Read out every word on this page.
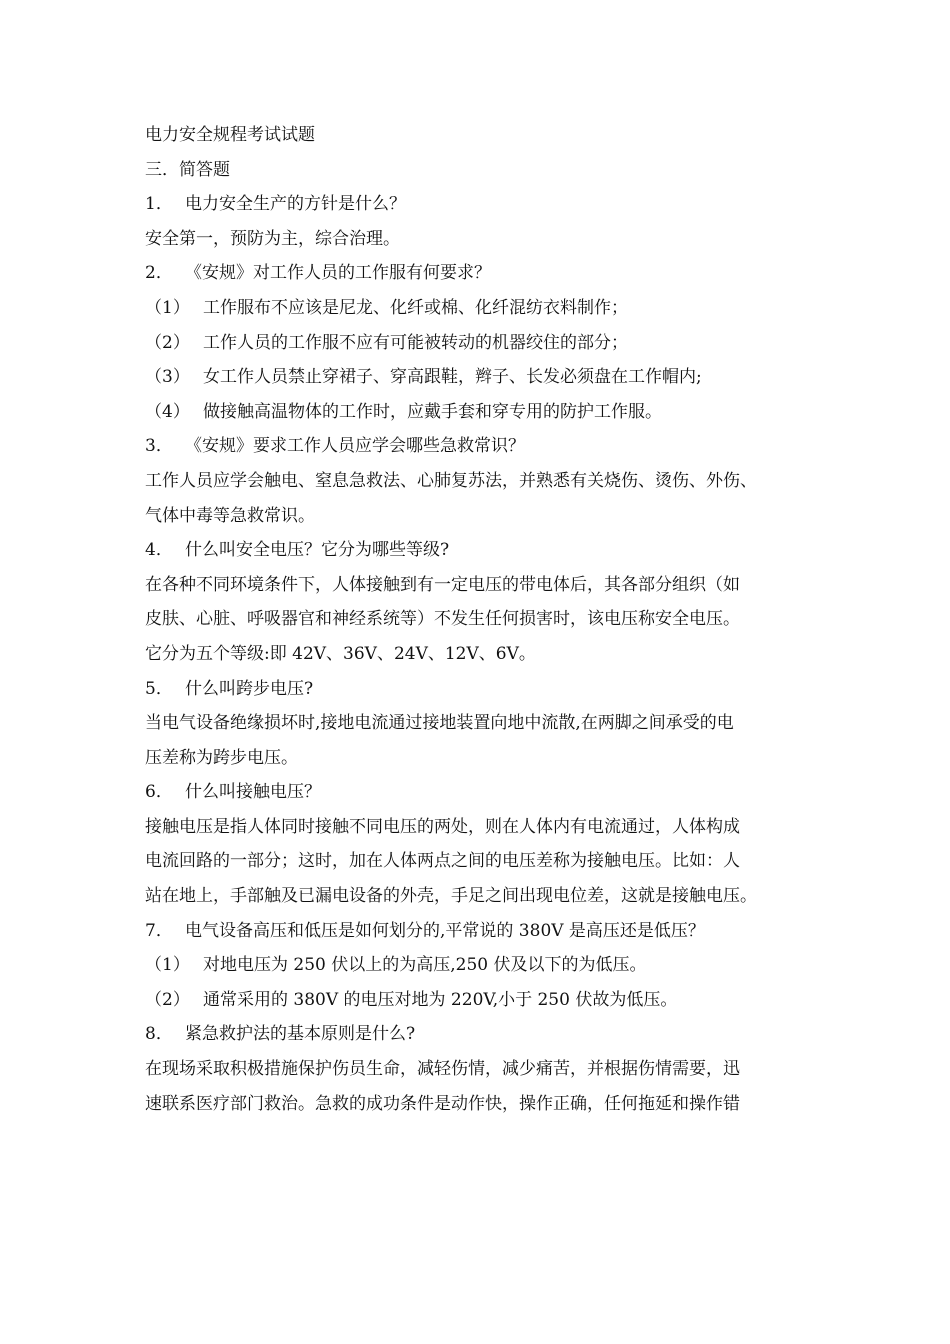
电力安全规程考试试题
三．简答题
1． 电力安全生产的方针是什么？
安全第一，预防为主，综合治理。
2． 《安规》对工作人员的工作服有何要求？
（1） 工作服布不应该是尼龙、化纤或棉、化纤混纺衣料制作；
（2） 工作人员的工作服不应有可能被转动的机器绞住的部分；
（3） 女工作人员禁止穿裙子、穿高跟鞋，辫子、长发必须盘在工作帽内;
（4） 做接触高温物体的工作时，应戴手套和穿专用的防护工作服。
3． 《安规》要求工作人员应学会哪些急救常识？
工作人员应学会触电、窒息急救法、心肺复苏法，并熟悉有关烧伤、烫伤、外伤、
气体中毒等急救常识。
4． 什么叫安全电压？它分为哪些等级?
在各种不同环境条件下，人体接触到有一定电压的带电体后，其各部分组织（如
皮肤、心脏、呼吸器官和神经系统等）不发生任何损害时，该电压称安全电压。
它分为五个等级:即 42V、36V、24V、12V、6V。
5． 什么叫跨步电压?
当电气设备绝缘损坏时,接地电流通过接地装置向地中流散,在两脚之间承受的电
压差称为跨步电压。
6． 什么叫接触电压？
接触电压是指人体同时接触不同电压的两处，则在人体内有电流通过，人体构成
电流回路的一部分；这时，加在人体两点之间的电压差称为接触电压。比如：人
站在地上，手部触及已漏电设备的外壳，手足之间出现电位差，这就是接触电压。
7． 电气设备高压和低压是如何划分的,平常说的 380V 是高压还是低压？
（1） 对地电压为 250 伏以上的为高压,250 伏及以下的为低压。
（2） 通常采用的 380V 的电压对地为 220V,小于 250 伏故为低压。
8． 紧急救护法的基本原则是什么?
在现场采取积极措施保护伤员生命，减轻伤情，减少痛苦，并根据伤情需要，迅
速联系医疗部门救治。急救的成功条件是动作快，操作正确，任何拖延和操作错
